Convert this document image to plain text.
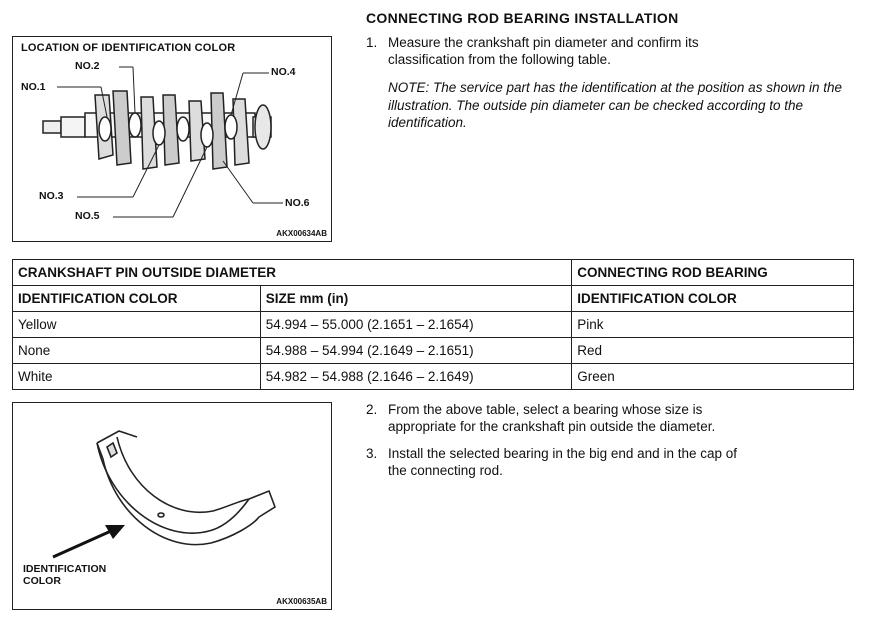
LOCATION OF IDENTIFICATION COLOR
NO.1
NO.2
NO.3
NO.4
NO.5
NO.6
AKX00634AB
CONNECTING ROD BEARING INSTALLATION
1. Measure the crankshaft pin diameter and confirm its
classification from the following table.
NOTE: The service part has the identification at the position as shown in the illustration. The outside pin diameter can be checked according to the identification.
CRANKSHAFT PIN OUTSIDE DIAMETER		CONNECTING ROD BEARING
IDENTIFICATION COLOR	SIZE mm (in)	IDENTIFICATION COLOR
Yellow	54.994 – 55.000 (2.1651 – 2.1654)	Pink
None	54.988 – 54.994 (2.1649 – 2.1651)	Red
White	54.982 – 54.988 (2.1646 – 2.1649)	Green
IDENTIFICATION
COLOR
AKX00635AB
2. From the above table, select a bearing whose size is
appropriate for the crankshaft pin outside the diameter.
3. Install the selected bearing in the big end and in the cap of
the connecting rod.
